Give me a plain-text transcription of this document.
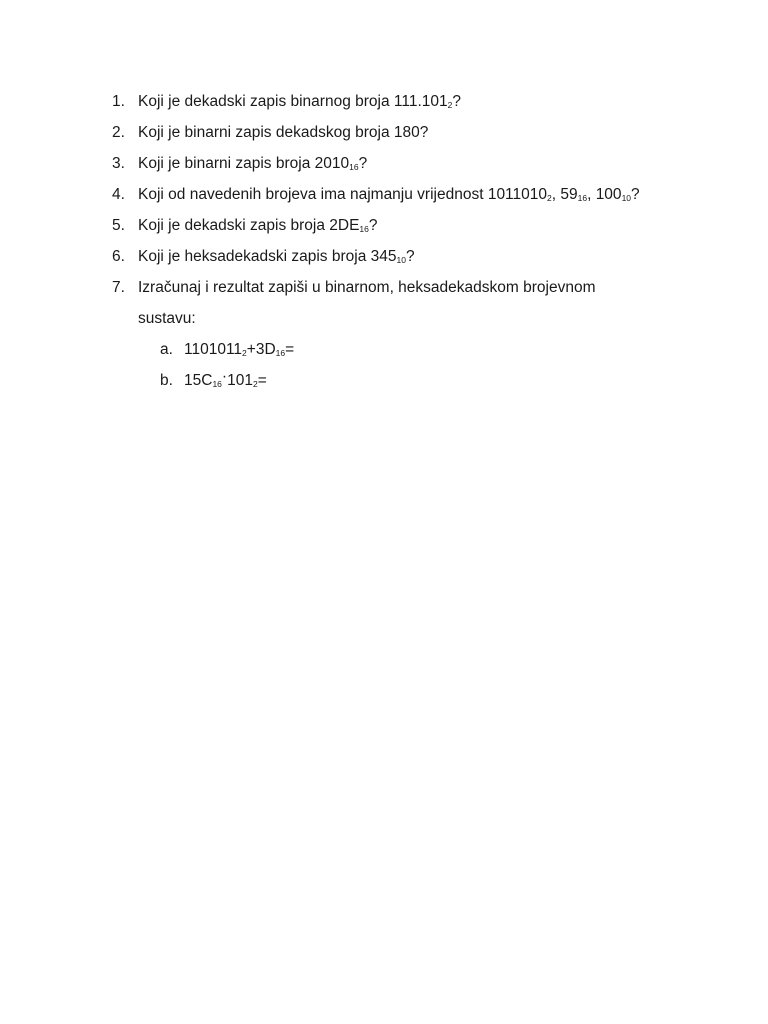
1. Koji je dekadski zapis binarnog broja $111.101_2$?
2. Koji je binarni zapis dekadskog broja 180?
3. Koji je binarni zapis broja $2010_{16}$?
4. Koji od navedenih brojeva ima najmanju vrijednost $1011010_2$, $59_{16}$, $100_{10}$?
5. Koji je dekadski zapis broja $2DE_{16}$?
6. Koji je heksadekadski zapis broja $345_{10}$?
7. Izračunaj i rezultat zapiši u binarnom, heksadekadskom brojevnom
sustavu:
a. $1101011_2+3D_{16}=$
b. $15C_{16}\cdot 101_2=$
